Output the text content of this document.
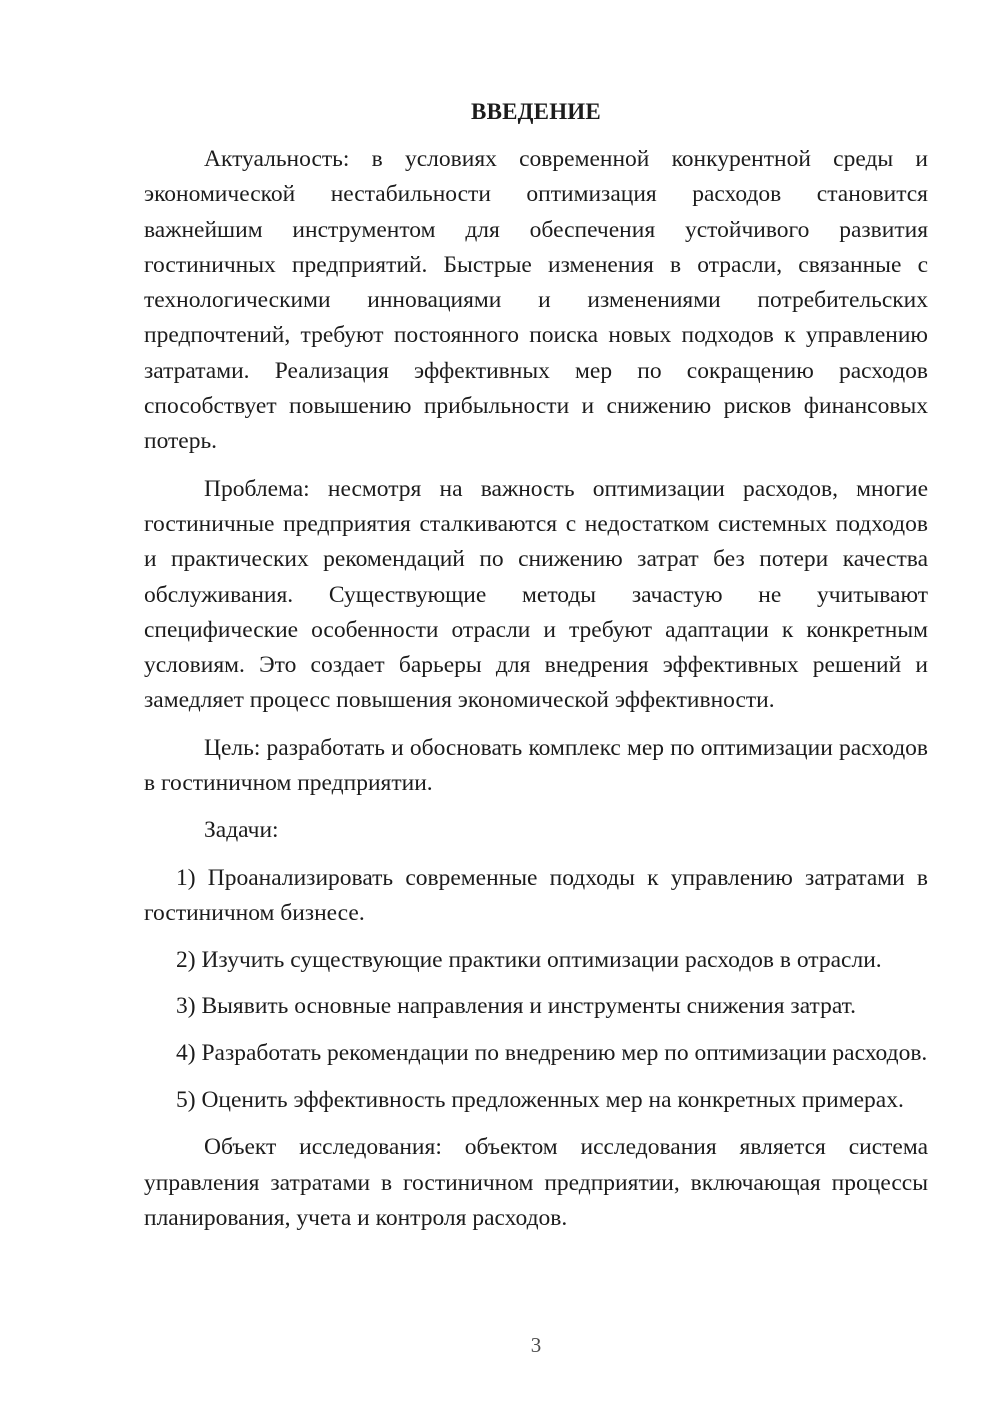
ВВЕДЕНИЕ

Актуальность: в условиях современной конкурентной среды и экономической нестабильности оптимизация расходов становится важнейшим инструментом для обеспечения устойчивого развития гостиничных предприятий. Быстрые изменения в отрасли, связанные с технологическими инновациями и изменениями потребительских предпочтений, требуют постоянного поиска новых подходов к управлению затратами. Реализация эффективных мер по сокращению расходов способствует повышению прибыльности и снижению рисков финансовых потерь.

Проблема: несмотря на важность оптимизации расходов, многие гостиничные предприятия сталкиваются с недостатком системных подходов и практических рекомендаций по снижению затрат без потери качества обслуживания. Существующие методы зачастую не учитывают специфические особенности отрасли и требуют адаптации к конкретным условиям. Это создает барьеры для внедрения эффективных решений и замедляет процесс повышения экономической эффективности.

Цель: разработать и обосновать комплекс мер по оптимизации расходов в гостиничном предприятии.

Задачи:

1) Проанализировать современные подходы к управлению затратами в гостиничном бизнесе.

2) Изучить существующие практики оптимизации расходов в отрасли.

3) Выявить основные направления и инструменты снижения затрат.

4) Разработать рекомендации по внедрению мер по оптимизации расходов.

5) Оценить эффективность предложенных мер на конкретных примерах.

Объект исследования: объектом исследования является система управления затратами в гостиничном предприятии, включающая процессы планирования, учета и контроля расходов.

3
